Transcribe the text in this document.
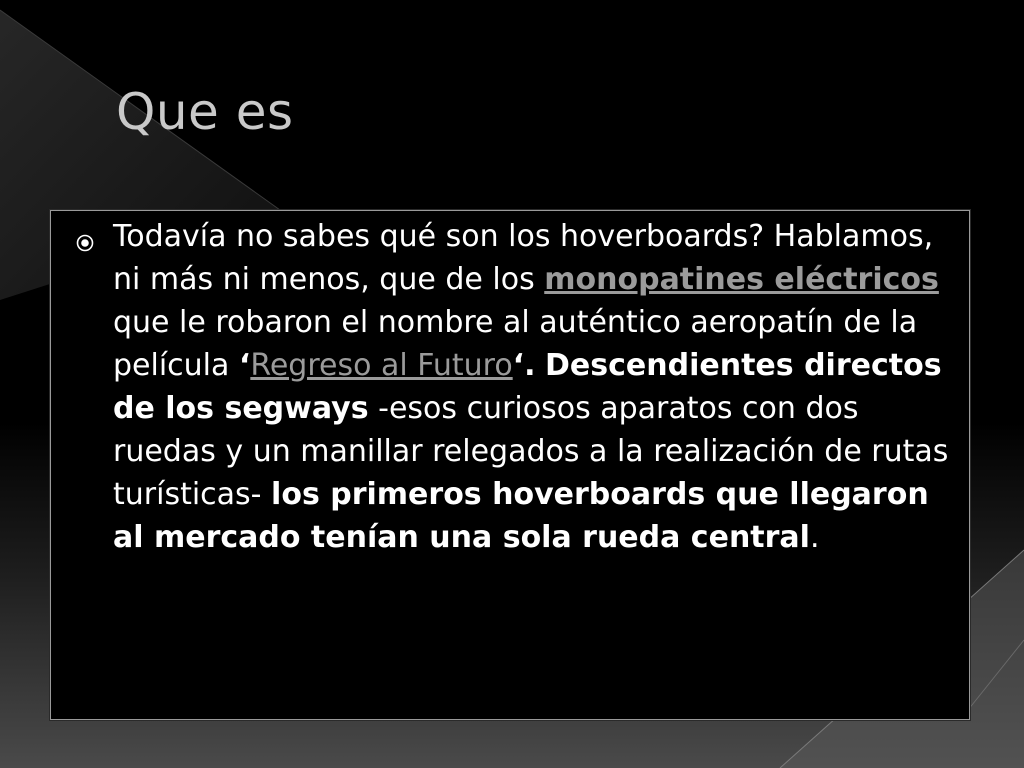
Que es

Todavía no sabes qué son los hoverboards? Hablamos, ni más ni menos, que de los monopatines eléctricos que le robaron el nombre al auténtico aeropatín de la película ‘Regreso al Futuro‘. Descendientes directos de los segways -esos curiosos aparatos con dos ruedas y un manillar relegados a la realización de rutas turísticas- los primeros hoverboards que llegaron al mercado tenían una sola rueda central.
